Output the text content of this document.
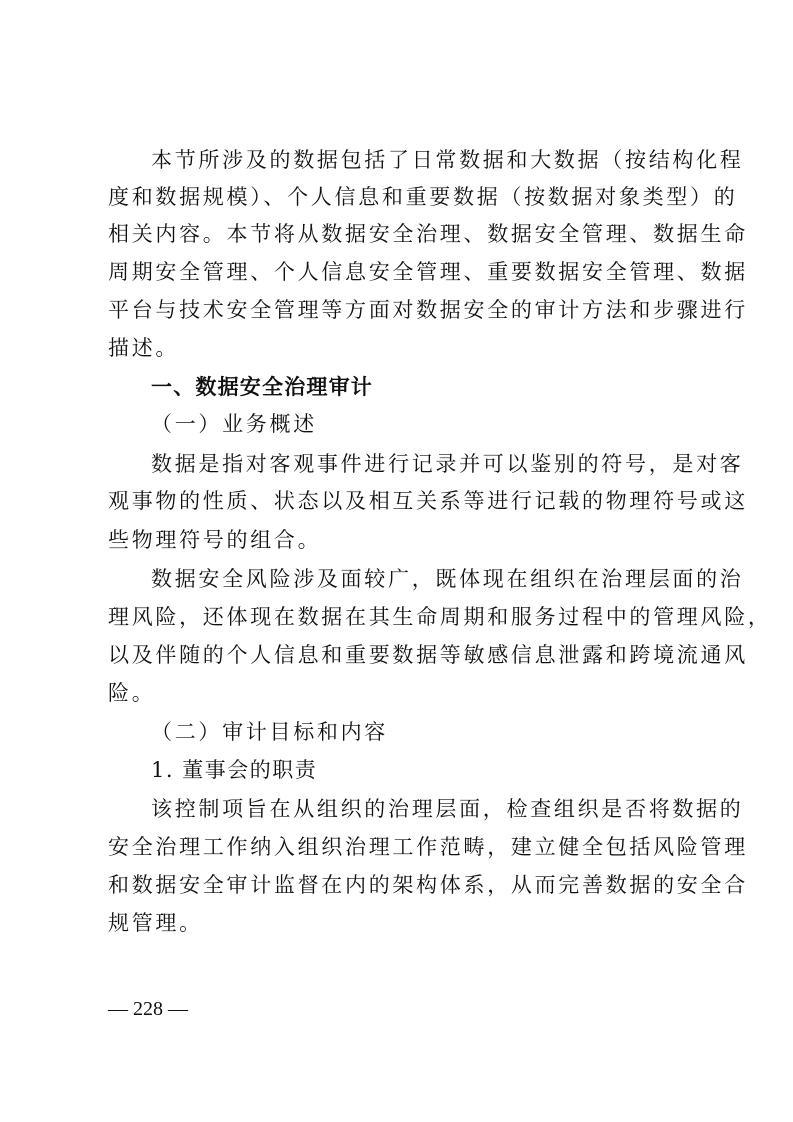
本节所涉及的数据包括了日常数据和大数据（按结构化程
度和数据规模）、个人信息和重要数据（按数据对象类型）的
相关内容。本节将从数据安全治理、数据安全管理、数据生命
周期安全管理、个人信息安全管理、重要数据安全管理、数据
平台与技术安全管理等方面对数据安全的审计方法和步骤进行
描述。
一、数据安全治理审计
（一）业务概述
数据是指对客观事件进行记录并可以鉴别的符号，是对客
观事物的性质、状态以及相互关系等进行记载的物理符号或这
些物理符号的组合。
数据安全风险涉及面较广，既体现在组织在治理层面的治
理风险，还体现在数据在其生命周期和服务过程中的管理风险，
以及伴随的个人信息和重要数据等敏感信息泄露和跨境流通风
险。
（二）审计目标和内容
1. 董事会的职责
该控制项旨在从组织的治理层面，检查组织是否将数据的
安全治理工作纳入组织治理工作范畴，建立健全包括风险管理
和数据安全审计监督在内的架构体系，从而完善数据的安全合
规管理。
— 228 —
